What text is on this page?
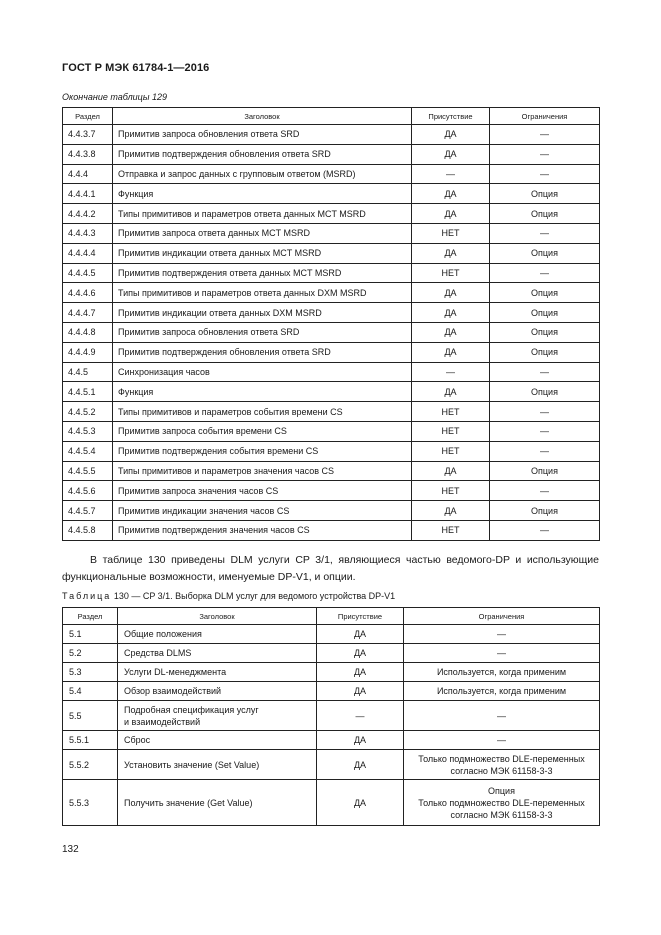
ГОСТ Р МЭК 61784-1—2016
Окончание таблицы 129
Раздел	Заголовок	Присутствие	Ограничения
4.4.3.7	Примитив запроса обновления ответа SRD	ДА	—
4.4.3.8	Примитив подтверждения обновления ответа SRD	ДА	—
4.4.4	Отправка и запрос данных с групповым ответом (MSRD)	—	—
4.4.4.1	Функция	ДА	Опция
4.4.4.2	Типы примитивов и параметров ответа данных MCT MSRD	ДА	Опция
4.4.4.3	Примитив запроса ответа данных MCT MSRD	НЕТ	—
4.4.4.4	Примитив индикации ответа данных MCT MSRD	ДА	Опция
4.4.4.5	Примитив подтверждения ответа данных MCT MSRD	НЕТ	—
4.4.4.6	Типы примитивов и параметров ответа данных DXM MSRD	ДА	Опция
4.4.4.7	Примитив индикации ответа данных DXM MSRD	ДА	Опция
4.4.4.8	Примитив запроса обновления ответа SRD	ДА	Опция
4.4.4.9	Примитив подтверждения обновления ответа SRD	ДА	Опция
4.4.5	Синхронизация часов	—	—
4.4.5.1	Функция	ДА	Опция
4.4.5.2	Типы примитивов и параметров события времени CS	НЕТ	—
4.4.5.3	Примитив запроса события времени CS	НЕТ	—
4.4.5.4	Примитив подтверждения события времени CS	НЕТ	—
4.4.5.5	Типы примитивов и параметров значения часов CS	ДА	Опция
4.4.5.6	Примитив запроса значения часов CS	НЕТ	—
4.4.5.7	Примитив индикации значения часов CS	ДА	Опция
4.4.5.8	Примитив подтверждения значения часов CS	НЕТ	—
В таблице 130 приведены DLM услуги CP 3/1, являющиеся частью ведомого-DP и использующие функциональные возможности, именуемые DP-V1, и опции.
Таблица 130 — CP 3/1. Выборка DLM услуг для ведомого устройства DP-V1
Раздел	Заголовок	Присутствие	Ограничения
5.1	Общие положения	ДА	—
5.2	Средства DLMS	ДА	—
5.3	Услуги DL-менеджмента	ДА	Используется, когда применим
5.4	Обзор взаимодействий	ДА	Используется, когда применим
5.5	Подробная спецификация услуг
и взаимодействий	—	—
5.5.1	Сброс	ДА	—
5.5.2	Установить значение (Set Value)	ДА	Только подмножество DLE-переменных
согласно МЭК 61158-3-3
5.5.3	Получить значение (Get Value)	ДА	Опция
Только подмножество DLE-переменных
согласно МЭК 61158-3-3
132
